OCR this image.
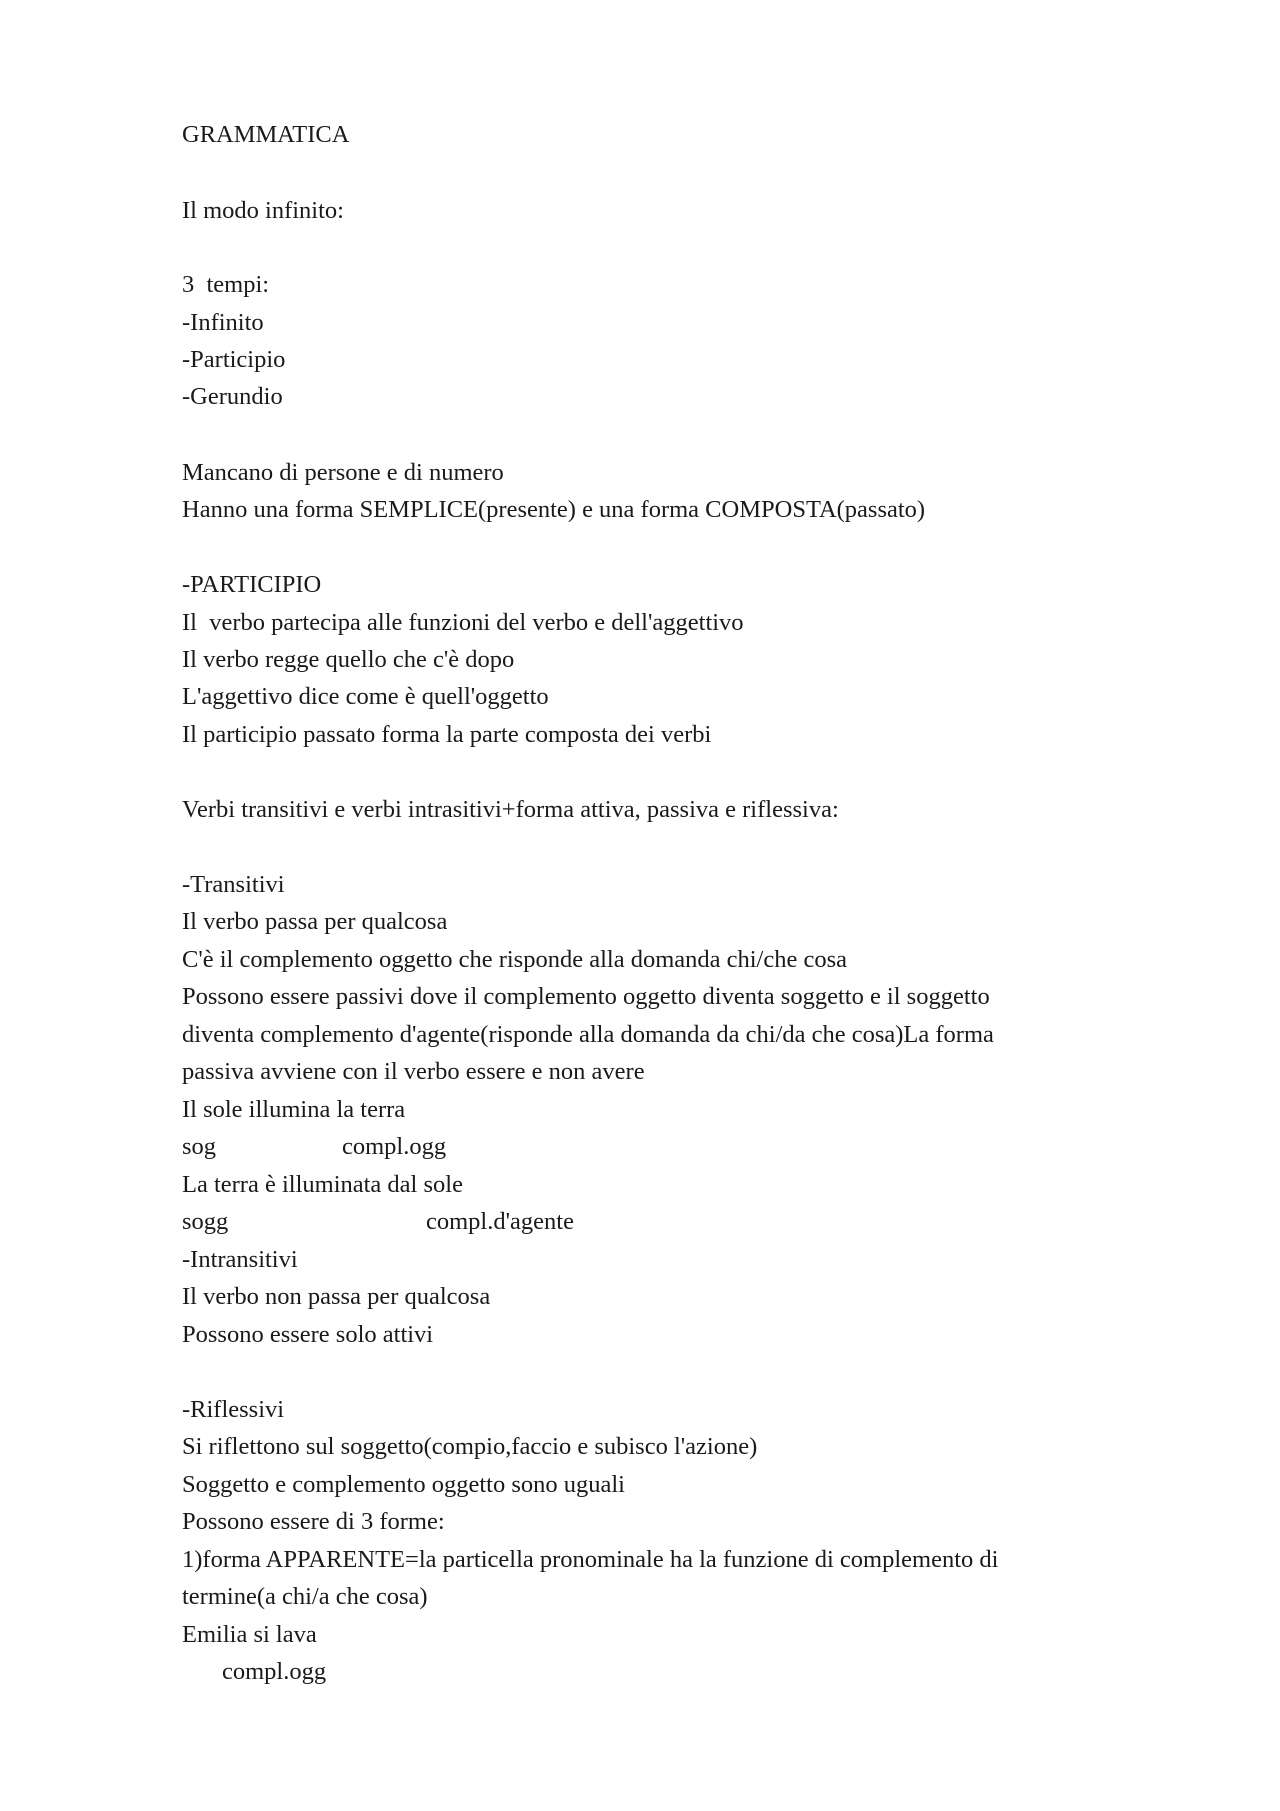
GRAMMATICA
Il modo infinito:
3  tempi:
-Infinito
-Participio
-Gerundio
Mancano di persone e di numero
Hanno una forma SEMPLICE(presente) e una forma COMPOSTA(passato)
-PARTICIPIO
Il  verbo partecipa alle funzioni del verbo e dell'aggettivo
Il verbo regge quello che c'è dopo
L'aggettivo dice come è quell'oggetto
Il participio passato forma la parte composta dei verbi
Verbi transitivi e verbi intrasitivi+forma attiva, passiva e riflessiva:
-Transitivi
Il verbo passa per qualcosa
C'è il complemento oggetto che risponde alla domanda chi/che cosa
Possono essere passivi dove il complemento oggetto diventa soggetto e il soggetto
diventa complemento d'agente(risponde alla domanda da chi/da che cosa)La forma
passiva avviene con il verbo essere e non avere
Il sole illumina la terra
sog	compl.ogg
La terra è illuminata dal sole
sogg	compl.d'agente
-Intransitivi
Il verbo non passa per qualcosa
Possono essere solo attivi
-Riflessivi
Si riflettono sul soggetto(compio,faccio e subisco l'azione)
Soggetto e complemento oggetto sono uguali
Possono essere di 3 forme:
1)forma APPARENTE=la particella pronominale ha la funzione di complemento di
termine(a chi/a che cosa)
Emilia si lava
compl.ogg
